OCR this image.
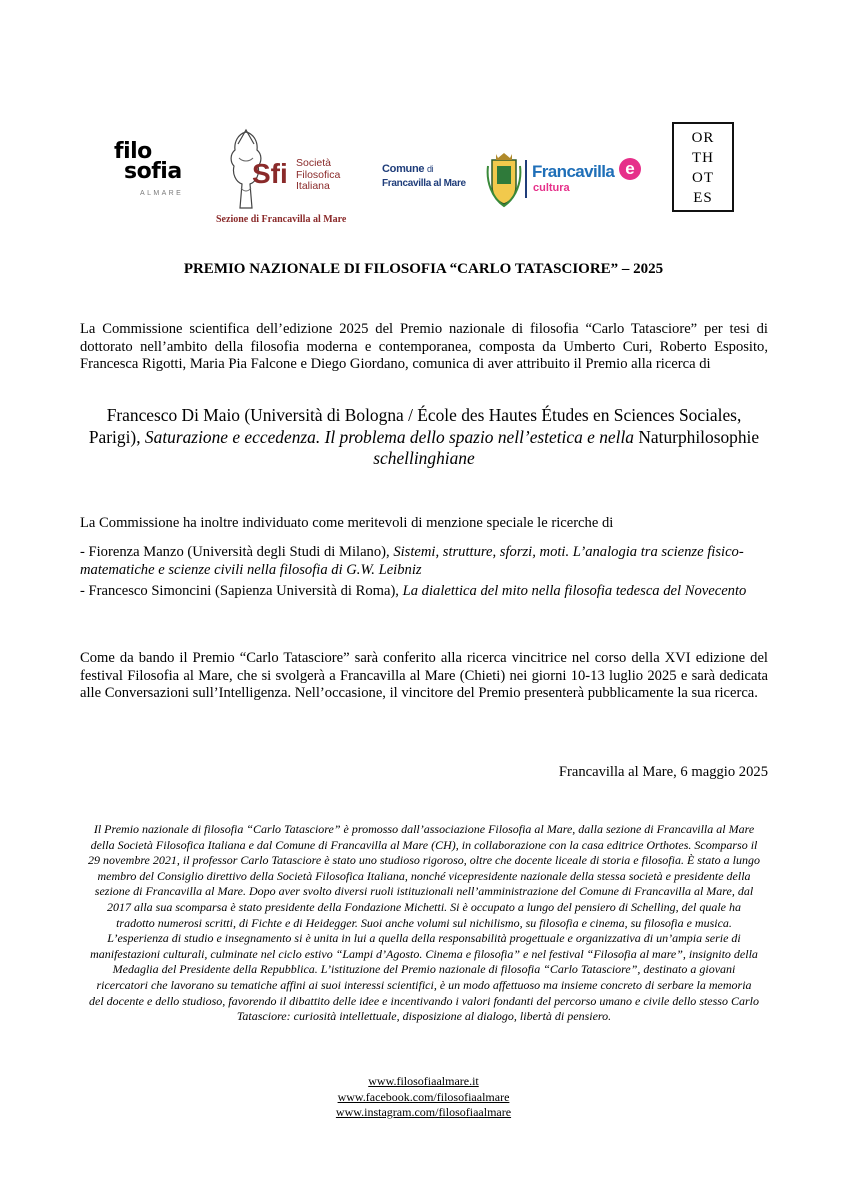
filo
sofia
ALMARE
Sfi Società
Filosofica
Italiana
Sezione di Francavilla al Mare
Comune di
Francavilla al Mare
Francavilla e
cultura
OR
TH
OT
ES
PREMIO NAZIONALE DI FILOSOFIA “CARLO TATASCIORE” – 2025
La Commissione scientifica dell’edizione 2025 del Premio nazionale di filosofia “Carlo Tatasciore” per tesi di dottorato nell’ambito della filosofia moderna e contemporanea, composta da Umberto Curi, Roberto Esposito, Francesca Rigotti, Maria Pia Falcone e Diego Giordano, comunica di aver attribuito il Premio alla ricerca di
Francesco Di Maio (Università di Bologna / École des Hautes Études en Sciences Sociales, Parigi), Saturazione e eccedenza. Il problema dello spazio nell’estetica e nella Naturphilosophie schellinghiane
La Commissione ha inoltre individuato come meritevoli di menzione speciale le ricerche di
- Fiorenza Manzo (Università degli Studi di Milano), Sistemi, strutture, sforzi, moti. L’analogia tra scienze fisico-matematiche e scienze civili nella filosofia di G.W. Leibniz
- Francesco Simoncini (Sapienza Università di Roma), La dialettica del mito nella filosofia tedesca del Novecento
Come da bando il Premio “Carlo Tatasciore” sarà conferito alla ricerca vincitrice nel corso della XVI edizione del festival Filosofia al Mare, che si svolgerà a Francavilla al Mare (Chieti) nei giorni 10-13 luglio 2025 e sarà dedicata alle Conversazioni sull’Intelligenza. Nell’occasione, il vincitore del Premio presenterà pubblicamente la sua ricerca.
Francavilla al Mare, 6 maggio 2025
Il Premio nazionale di filosofia “Carlo Tatasciore” è promosso dall’associazione Filosofia al Mare, dalla sezione di Francavilla al Mare della Società Filosofica Italiana e dal Comune di Francavilla al Mare (CH), in collaborazione con la casa editrice Orthotes. Scomparso il 29 novembre 2021, il professor Carlo Tatasciore è stato uno studioso rigoroso, oltre che docente liceale di storia e filosofia. È stato a lungo membro del Consiglio direttivo della Società Filosofica Italiana, nonché vicepresidente nazionale della stessa società e presidente della sezione di Francavilla al Mare. Dopo aver svolto diversi ruoli istituzionali nell’amministrazione del Comune di Francavilla al Mare, dal 2017 alla sua scomparsa è stato presidente della Fondazione Michetti. Si è occupato a lungo del pensiero di Schelling, del quale ha tradotto numerosi scritti, di Fichte e di Heidegger. Suoi anche volumi sul nichilismo, su filosofia e cinema, su filosofia e musica. L’esperienza di studio e insegnamento si è unita in lui a quella della responsabilità progettuale e organizzativa di un’ampia serie di manifestazioni culturali, culminate nel ciclo estivo “Lampi d’Agosto. Cinema e filosofia” e nel festival “Filosofia al mare”, insignito della Medaglia del Presidente della Repubblica. L’istituzione del Premio nazionale di filosofia “Carlo Tatasciore”, destinato a giovani ricercatori che lavorano su tematiche affini ai suoi interessi scientifici, è un modo affettuoso ma insieme concreto di serbare la memoria del docente e dello studioso, favorendo il dibattito delle idee e incentivando i valori fondanti del percorso umano e civile dello stesso Carlo Tatasciore: curiosità intellettuale, disposizione al dialogo, libertà di pensiero.
www.filosofiaalmare.it
www.facebook.com/filosofiaalmare
www.instagram.com/filosofiaalmare
